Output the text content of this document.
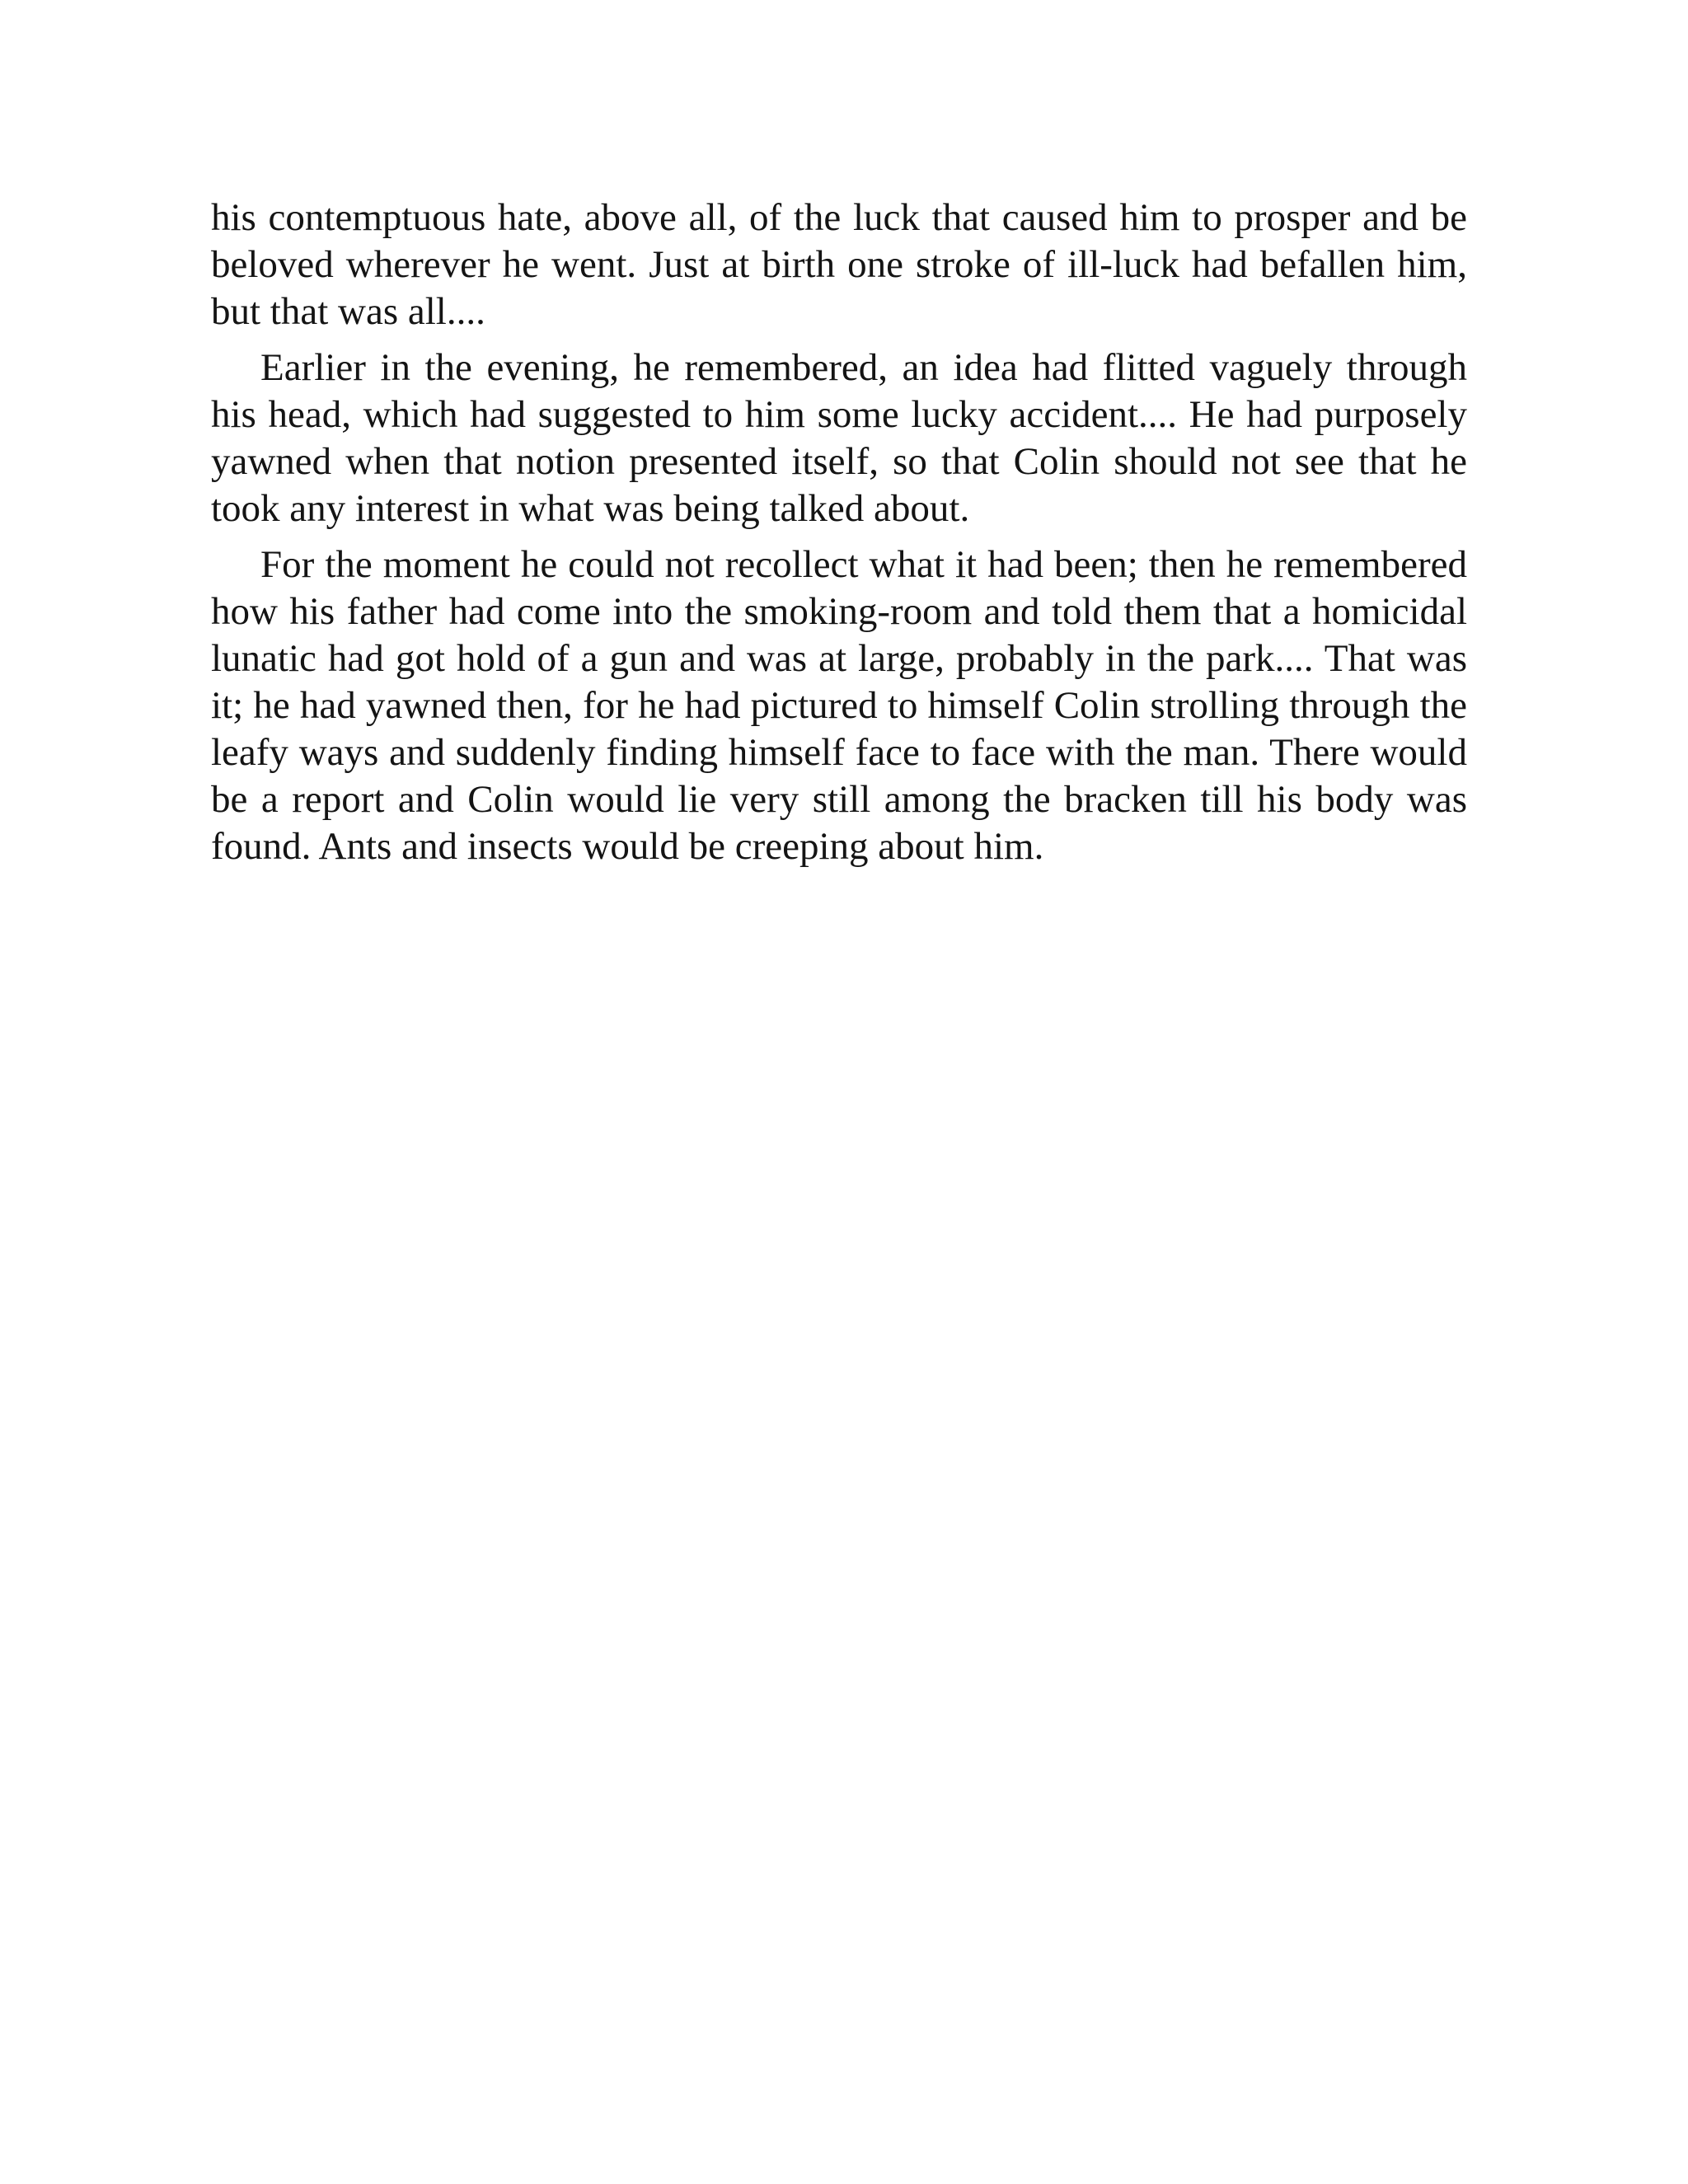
his contemptuous hate, above all, of the luck that caused him to prosper and be beloved wherever he went. Just at birth one stroke of ill-luck had befallen him, but that was all....

Earlier in the evening, he remembered, an idea had flitted vaguely through his head, which had suggested to him some lucky accident.... He had purposely yawned when that notion presented itself, so that Colin should not see that he took any interest in what was being talked about.

For the moment he could not recollect what it had been; then he remembered how his father had come into the smoking-room and told them that a homicidal lunatic had got hold of a gun and was at large, probably in the park.... That was it; he had yawned then, for he had pictured to himself Colin strolling through the leafy ways and suddenly finding himself face to face with the man. There would be a report and Colin would lie very still among the bracken till his body was found. Ants and insects would be creeping about him.
